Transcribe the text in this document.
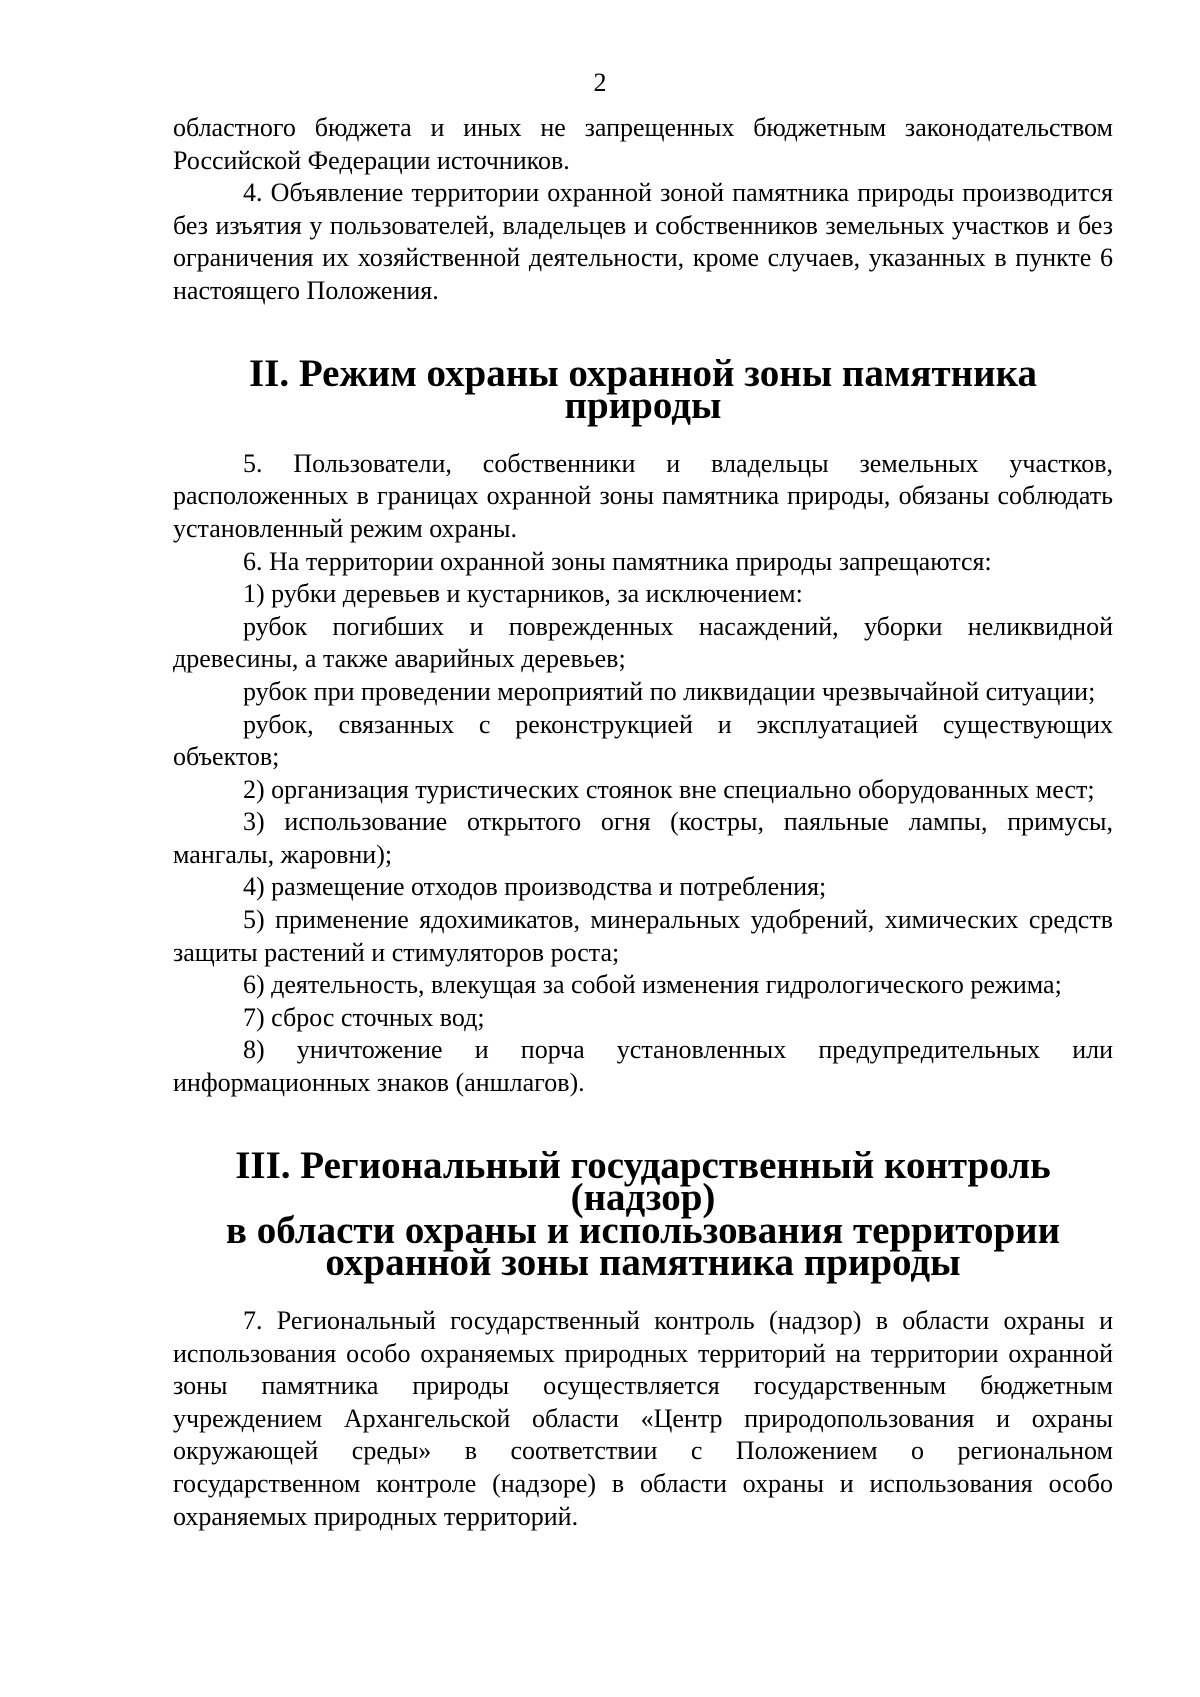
2

областного бюджета и иных не запрещенных бюджетным законодательством Российской Федерации источников.

4. Объявление территории охранной зоной памятника природы производится без изъятия у пользователей, владельцев и собственников земельных участков и без ограничения их хозяйственной деятельности, кроме случаев, указанных в пункте 6 настоящего Положения.

II. Режим охраны охранной зоны памятника природы

5. Пользователи, собственники и владельцы земельных участков, расположенных в границах охранной зоны памятника природы, обязаны соблюдать установленный режим охраны.

6. На территории охранной зоны памятника природы запрещаются:

1) рубки деревьев и кустарников, за исключением:

рубок погибших и поврежденных насаждений, уборки неликвидной древесины, а также аварийных деревьев;

рубок при проведении мероприятий по ликвидации чрезвычайной ситуации;

рубок, связанных с реконструкцией и эксплуатацией существующих объектов;

2) организация туристических стоянок вне специально оборудованных мест;

3) использование открытого огня (костры, паяльные лампы, примусы, мангалы, жаровни);

4) размещение отходов производства и потребления;

5) применение ядохимикатов, минеральных удобрений, химических средств защиты растений и стимуляторов роста;

6) деятельность, влекущая за собой изменения гидрологического режима;

7) сброс сточных вод;

8) уничтожение и порча установленных предупредительных или информационных знаков (аншлагов).

III. Региональный государственный контроль (надзор)
в области охраны и использования территории
охранной зоны памятника природы

7. Региональный государственный контроль (надзор) в области охраны и использования особо охраняемых природных территорий на территории охранной зоны памятника природы осуществляется государственным бюджетным учреждением Архангельской области «Центр природопользования и охраны окружающей среды» в соответствии с Положением о региональном государственном контроле (надзоре) в области охраны и использования особо охраняемых природных территорий.
